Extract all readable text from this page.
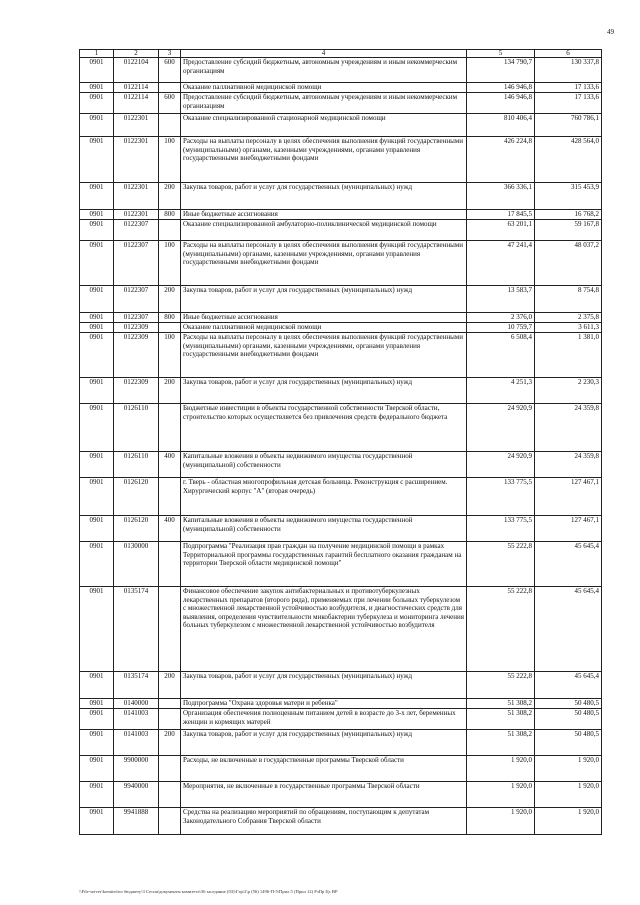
49
1	2	3	4	5	6
0901	0122104	600	Предоставление субсидий бюджетным, автономным учреждениям и иным некоммерческим организациям	134 790,7	130 337,8
0901	0122114		Оказание паллиативной медицинской помощи	146 946,8	17 133,6
0901	0122114	600	Предоставление субсидий бюджетным, автономным учреждениям и иным некоммерческим организациям	146 946,8	17 133,6
0901	0122301		Оказание специализированной стационарной медицинской помощи	810 406,4	760 786,1
0901	0122301	100	Расходы на выплаты персоналу в целях обеспечения выполнения функций государственными (муниципальными) органами, казенными учреждениями, органами управления государственными внебюджетными фондами	426 224,8	428 564,0
0901	0122301	200	Закупка товаров, работ и услуг для государственных (муниципальных) нужд	366 336,1	315 453,9
0901	0122301	800	Иные бюджетные ассигнования	17 845,5	16 768,2
0901	0122307		Оказание специализированной амбулаторно-поликлинической медицинской помощи	63 201,1	59 167,8
0901	0122307	100	Расходы на выплаты персоналу в целях обеспечения выполнения функций государственными (муниципальными) органами, казенными учреждениями, органами управления государственными внебюджетными фондами	47 241,4	48 037,2
0901	0122307	200	Закупка товаров, работ и услуг для государственных (муниципальных) нужд	13 583,7	8 754,8
0901	0122307	800	Иные бюджетные ассигнования	2 376,0	2 375,8
0901	0122309		Оказание паллиативной медицинской помощи	10 759,7	3 611,3
0901	0122309	100	Расходы на выплаты персоналу в целях обеспечения выполнения функций государственными (муниципальными) органами, казенными учреждениями, органами управления государственными внебюджетными фондами	6 508,4	1 381,0
0901	0122309	200	Закупка товаров, работ и услуг для государственных (муниципальных) нужд	4 251,3	2 230,3
0901	0126110		Бюджетные инвестиции в объекты государственной собственности Тверской области, строительство которых осуществляется без привлечения средств федерального бюджета	24 920,9	24 359,8
0901	0126110	400	Капитальные вложения в объекты недвижимого имущества государственной (муниципальной) собственности	24 920,9	24 359,8
0901	0126120		г. Тверь - областная многопрофильная детская больница. Реконструкция с расширением. Хирургический корпус "А" (вторая очередь)	133 775,5	127 467,1
0901	0126120	400	Капитальные вложения в объекты недвижимого имущества государственной (муниципальной) собственности	133 775,5	127 467,1
0901	0130000		Подпрограмма "Реализация прав граждан на получение медицинской помощи в рамках Территориальной программы государственных гарантий бесплатного оказания гражданам на территории Тверской области медицинской помощи"	55 222,8	45 645,4
0901	0135174		Финансовое обеспечение закупок антибактериальных и противотуберкулезных лекарственных препаратов (второго ряда), применяемых при лечении больных туберкулезом с множественной лекарственной устойчивостью возбудителя, и диагностических средств для выявления, определения чувствительности микобактерии туберкулеза и мониторинга лечения больных туберкулезом с множественной лекарственной устойчивостью возбудителя	55 222,8	45 645,4
0901	0135174	200	Закупка товаров, работ и услуг для государственных (муниципальных) нужд	55 222,8	45 645,4
0901	0140000		Подпрограмма "Охрана здоровья матери и ребенка"	51 308,2	50 480,5
0901	0141003		Организация обеспечения полноценным питанием детей в возрасте до 3-х лет, беременных женщин и кормящих матерей	51 308,2	50 480,5
0901	0141003	200	Закупка товаров, работ и услуг для государственных (муниципальных) нужд	51 308,2	50 480,5
0901	9900000		Расходы, не включенные в государственные программы Тверской области	1 920,0	1 920,0
0901	9940000		Мероприятия, не включенные в государственные программы Тверской области	1 920,0	1 920,0
0901	9941888		Средства на реализацию мероприятий по обращениям, поступающим к депутатам Законодательного Собрания Тверской области	1 920,0	1 920,0
\\File-server\komitet\по бюджету\3 Сесия\документы комитета\36 заседание (03)\Гэр\2\р (56) 1496-П-5\Прил 5 (Прил 12) РзПр Цс ВР
